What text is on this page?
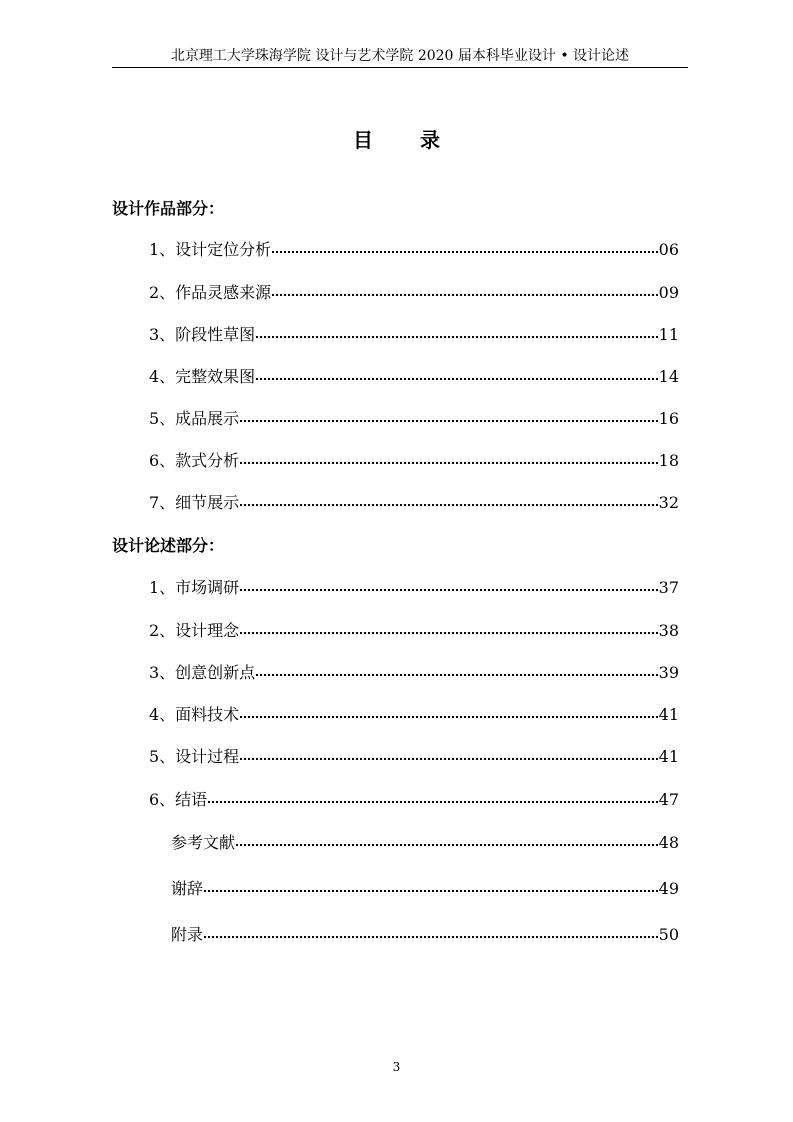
北京理工大学珠海学院 设计与艺术学院 2020 届本科毕业设计 • 设计论述
目 录
设计作品部分：
1、设计定位分析	06
2、作品灵感来源	09
3、阶段性草图	11
4、完整效果图	14
5、成品展示	16
6、款式分析	18
7、细节展示	32
设计论述部分：
1、市场调研	37
2、设计理念	38
3、创意创新点	39
4、面料技术	41
5、设计过程	41
6、结语	47
参考文献	48
谢辞	49
附录	50
3
